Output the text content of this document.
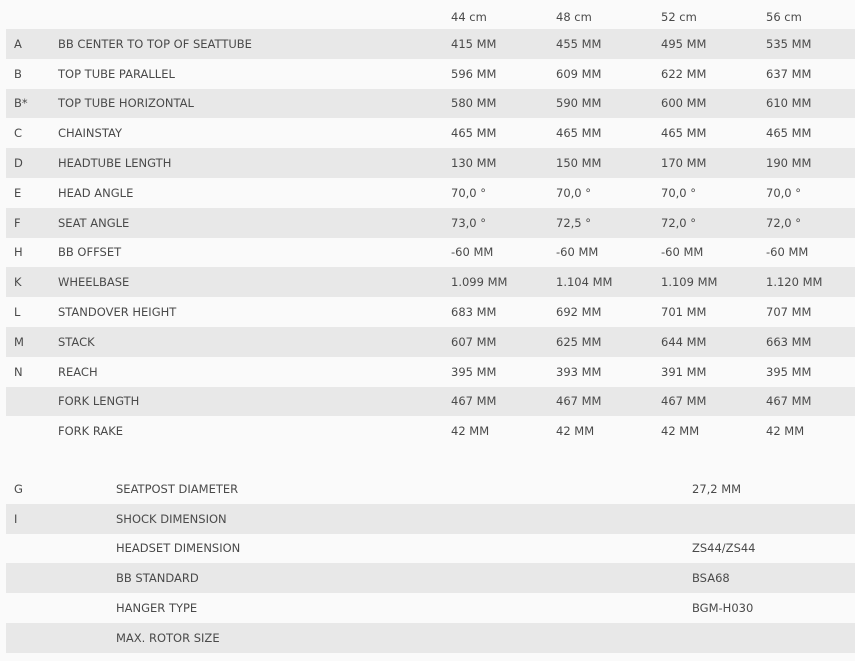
44 cm	48 cm	52 cm	56 cm
A	BB CENTER TO TOP OF SEATTUBE	415 MM	455 MM	495 MM	535 MM
B	TOP TUBE PARALLEL	596 MM	609 MM	622 MM	637 MM
B*	TOP TUBE HORIZONTAL	580 MM	590 MM	600 MM	610 MM
C	CHAINSTAY	465 MM	465 MM	465 MM	465 MM
D	HEADTUBE LENGTH	130 MM	150 MM	170 MM	190 MM
E	HEAD ANGLE	70,0 °	70,0 °	70,0 °	70,0 °
F	SEAT ANGLE	73,0 °	72,5 °	72,0 °	72,0 °
H	BB OFFSET	-60 MM	-60 MM	-60 MM	-60 MM
K	WHEELBASE	1.099 MM	1.104 MM	1.109 MM	1.120 MM
L	STANDOVER HEIGHT	683 MM	692 MM	701 MM	707 MM
M	STACK	607 MM	625 MM	644 MM	663 MM
N	REACH	395 MM	393 MM	391 MM	395 MM
FORK LENGTH	467 MM	467 MM	467 MM	467 MM
FORK RAKE	42 MM	42 MM	42 MM	42 MM
G	SEATPOST DIAMETER	27,2 MM
I	SHOCK DIMENSION
HEADSET DIMENSION	ZS44/ZS44
BB STANDARD	BSA68
HANGER TYPE	BGM-H030
MAX. ROTOR SIZE
